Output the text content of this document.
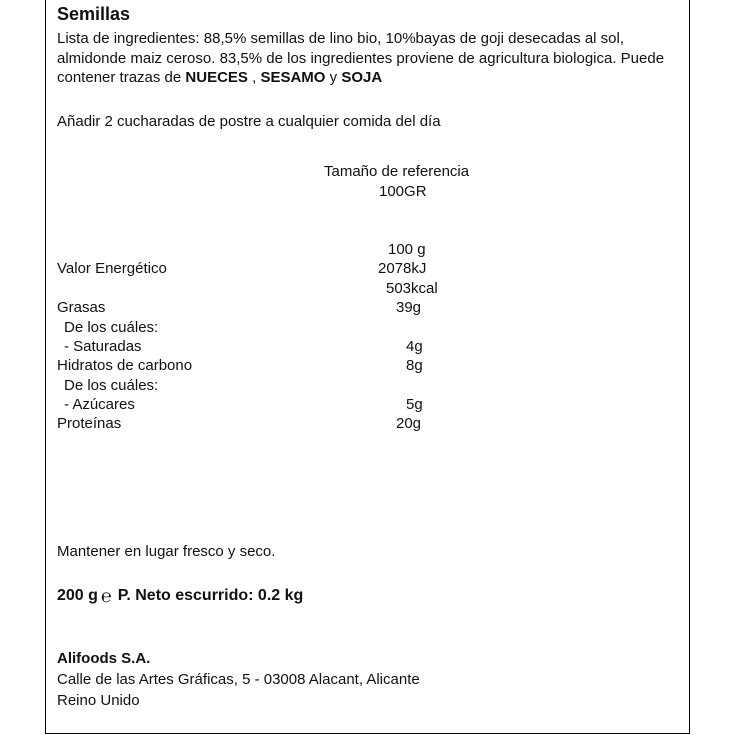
Semillas
Lista de ingredientes: 88,5% semillas de lino bio, 10%bayas de goji desecadas al sol, almidonde maiz ceroso. 83,5% de los ingredientes proviene de agricultura biologica. Puede contener trazas de NUECES , SESAMO y SOJA
Añadir 2 cucharadas de postre a cualquier comida del día
Tamaño de referencia
100GR
100 g
Valor Energético	2078kJ
503kcal
Grasas	39g
De los cuáles:
- Saturadas	4g
Hidratos de carbono	8g
De los cuáles:
- Azúcares	5g
Proteínas	20g
Mantener en lugar fresco y seco.
200 g ℮ P. Neto escurrido: 0.2 kg
Alifoods S.A.
Calle de las Artes Gráficas, 5 - 03008 Alacant, Alicante
Reino Unido
